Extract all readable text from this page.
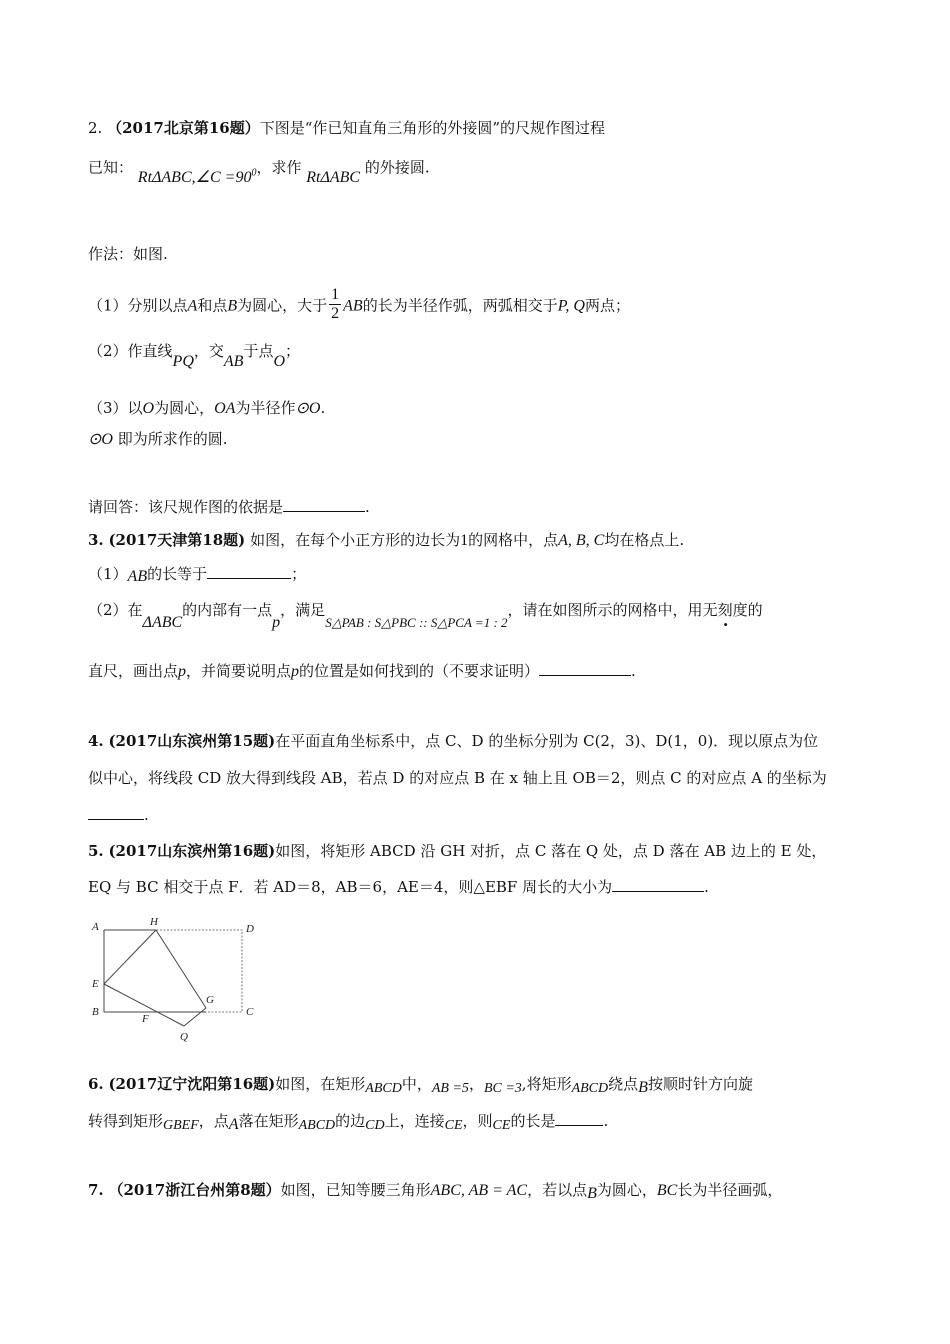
2. （2017北京第16题）下图是“作已知直角三角形的外接圆”的尺规作图过程
已知： RtΔABC,∠C $=90^0$，求作 RtΔABC 的外接圆.
作法：如图.
（1）分别以点A和点B为圆心，大于 $\frac{1}{2}$ AB的长为半径作弧，两弧相交于P, Q两点；
（2）作直线PQ，交AB于点O；
（3）以O为圆心，OA为半径作⊙O.
⊙O 即为所求作的圆.
请回答：该尺规作图的依据是	.
3. (2017天津第18题) 如图，在每个小正方形的边长为1的网格中，点A, B, C均在格点上.
（1）AB的长等于	；
（2）在ΔABC的内部有一点p，满足S△PAB : S△PBC :: S△PCA =1 : 2，请在如图所示的网格中，用无刻度的
直尺，画出点p，并简要说明点p的位置是如何找到的（不要求证明）	.
4. (2017山东滨州第15题)在平面直角坐标系中，点 C、D 的坐标分别为 C(2，3)、D(1，0)．现以原点为位
似中心，将线段 CD 放大得到线段 AB，若点 D 的对应点 B 在 x 轴上且 OB＝2，则点 C 的对应点 A 的坐标为
.
5. (2017山东滨州第16题)如图，将矩形 ABCD 沿 GH 对折，点 C 落在 Q 处，点 D 落在 AB 边上的 E 处，
EQ 与 BC 相交于点 F．若 AD＝8，AB＝6，AE＝4，则△EBF 周长的大小为	.
A	H
D
E
G
B
F
C
Q
6. (2017辽宁沈阳第16题)如图，在矩形ABCD中，AB =5，BC =3,将矩形ABCD绕点B按顺时针方向旋
转得到矩形GBEF，点A落在矩形ABCD的边CD上，连接CE，则CE的长是	.
7. （2017浙江台州第8题）如图，已知等腰三角形ABC, AB = AC，若以点B为圆心，BC长为半径画弧，
